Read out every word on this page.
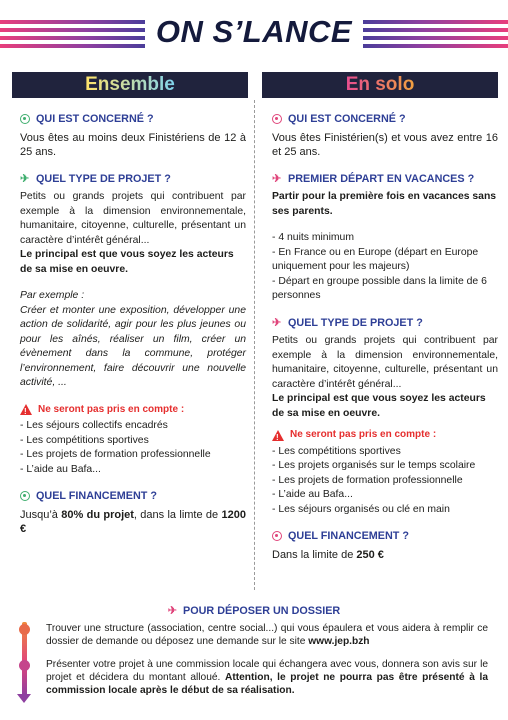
ON S’LANCE
Ensemble	En solo
QUI EST CONCERNÉ ?

Vous êtes au moins deux Finistériens de 12 à 25 ans.

✈ QUEL TYPE DE PROJET ?

Petits ou grands projets qui contribuent par exemple à la dimension environnementale, humanitaire, citoyenne, culturelle, présentant un caractère d’intérêt général...

Le principal est que vous soyez les acteurs de sa mise en oeuvre.

Par exemple :

Créer et monter une exposition, développer une action de solidarité, agir pour les plus jeunes ou pour les aînés, réaliser un film, créer un évènement dans la commune, protéger l’environnement, faire découvrir une nouvelle activité, ...

!
Ne seront pas pris en compte :

- Les séjours collectifs encadrés

- Les compétitions sportives

- Les projets de formation professionnelle

- L’aide au Bafa...

QUEL FINANCEMENT ?

Jusqu’à 80% du projet, dans la limte de 1200 €

QUI EST CONCERNÉ ?

Vous êtes Finistérien(s) et vous avez entre 16 et 25 ans.

✈ PREMIER DÉPART EN VACANCES ?

Partir pour la première fois en vacances sans ses parents.

- 4 nuits minimum

- En France ou en Europe (départ en Europe uniquement pour les majeurs)

- Départ en groupe possible dans la limite de 6 personnes

✈ QUEL TYPE DE PROJET ?

Petits ou grands projets qui contribuent par exemple à la dimension environnementale, humanitaire, citoyenne, culturelle, présentant un caractère d’intérêt général...

Le principal est que vous soyez les acteurs de sa mise en oeuvre.

!
Ne seront pas pris en compte :

- Les compétitions sportives

- Les projets organisés sur le temps scolaire

- Les projets de formation professionnelle

- L’aide au Bafa...

- Les séjours organisés ou clé en main

QUEL FINANCEMENT ?

Dans la limite de 250 €

✈ POUR DÉPOSER UN DOSSIER
Trouver une structure (association, centre social...) qui vous épaulera et vous aidera à remplir ce dossier de demande ou déposez une demande sur le site www.jep.bzh
Présenter votre projet à une commission locale qui échangera avec vous, donnera son avis sur le projet et décidera du montant alloué. Attention, le projet ne pourra pas être présenté à la commission locale après le début de sa réalisation.
